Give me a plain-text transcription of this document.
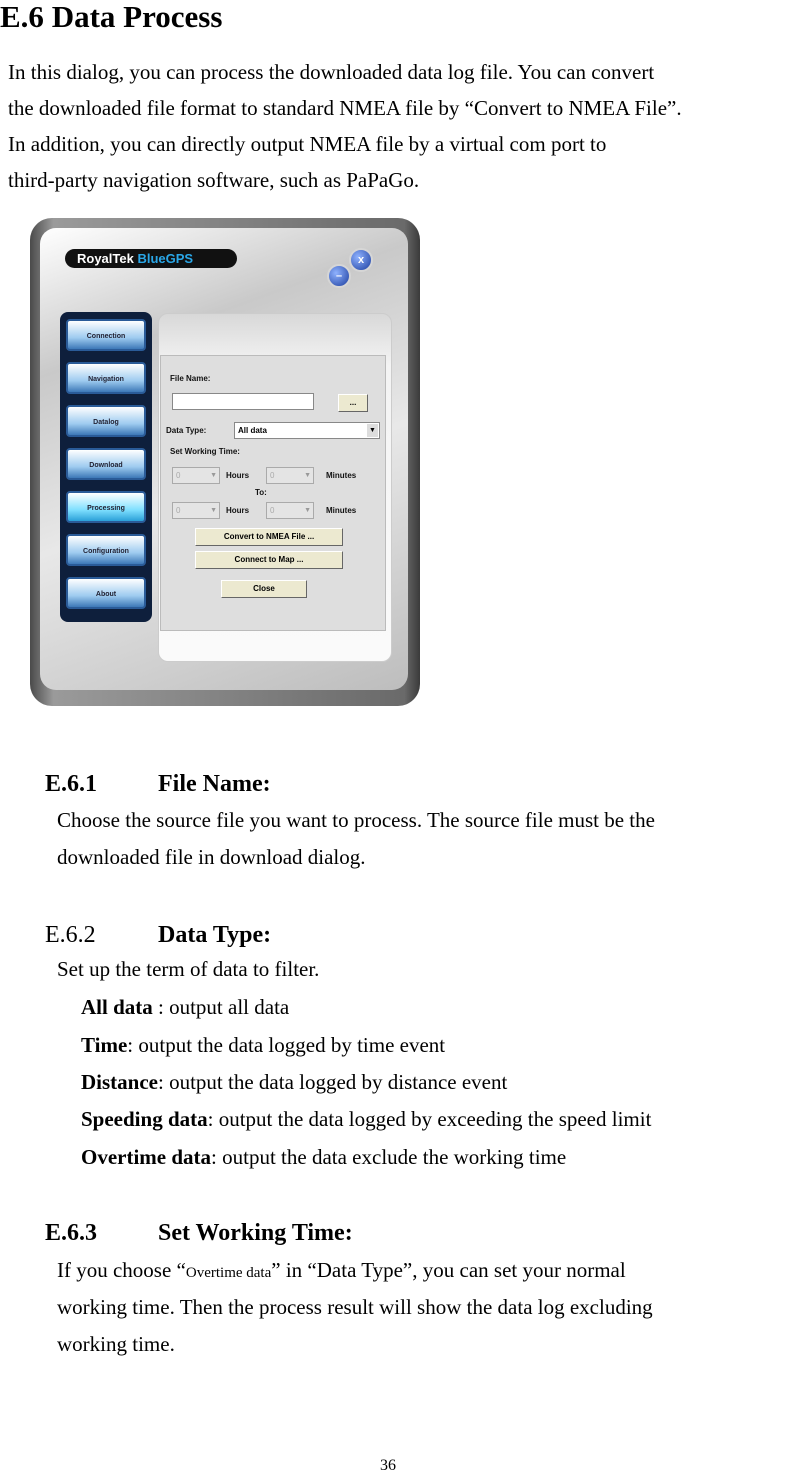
E.6 Data Process
In this dialog, you can process the downloaded data log file. You can convert
the downloaded file format to standard NMEA file by “Convert to NMEA File”.
In addition, you can directly output NMEA file by a virtual com port to
third-party navigation software, such as PaPaGo.
RoyalTek BlueGPS
–
x
Connection
Navigation
Datalog
Download
Processing
Configuration
About
File Name:
...
Data Type:	All data	▼
Set Working Time:
0	▼ Hours	0	▼ Minutes
To:
0	▼ Hours	0	▼ Minutes
Convert to NMEA File ...
Connect to Map ...
Close
E.6.1	File Name:
Choose the source file you want to process. The source file must be the
downloaded file in download dialog.
E.6.2	Data Type:
Set up the term of data to filter.
All data : output all data
Time: output the data logged by time event
Distance: output the data logged by distance event
Speeding data: output the data logged by exceeding the speed limit
Overtime data: output the data exclude the working time
E.6.3	Set Working Time:
If you choose “Overtime data” in “Data Type”, you can set your normal
working time. Then the process result will show the data log excluding
working time.
36
